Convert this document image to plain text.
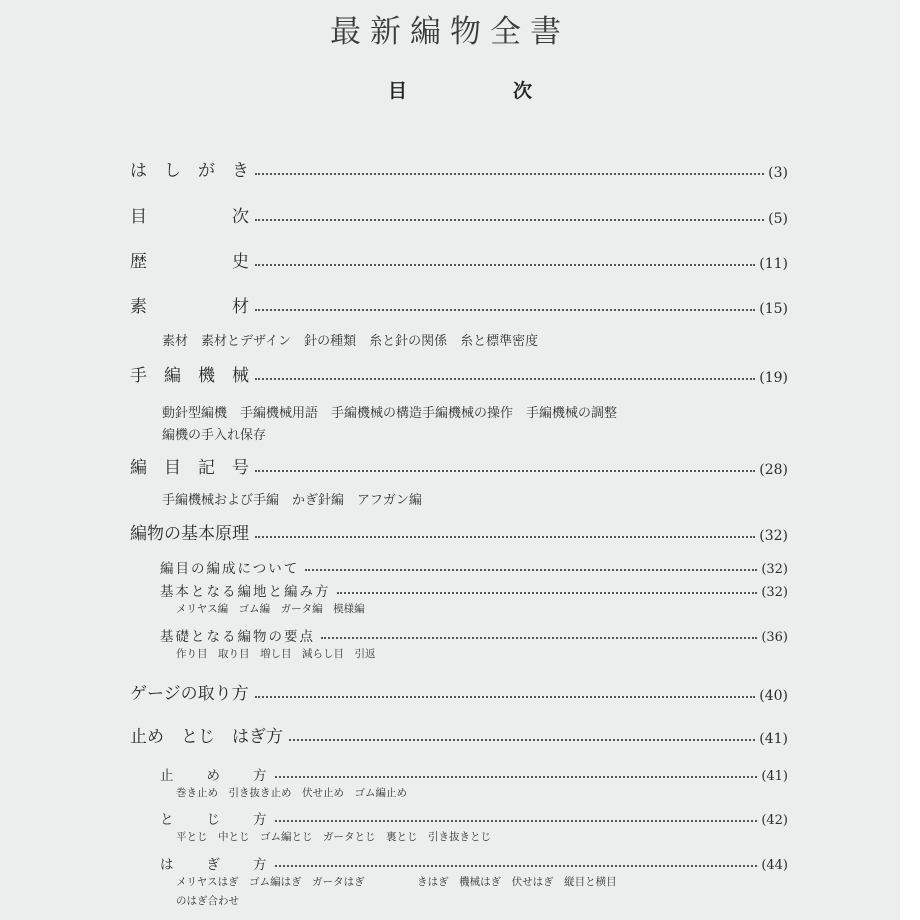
最新編物全書
目	次
は　し　が　き	(3)
目　　　　　次	(5)
歴　　　　　史	(11)
素　　　　　材	(15)
素材　素材とデザイン　針の種類　糸と針の関係　糸と標準密度
手　編　機　械	(19)
動針型編機　手編機械用語　手編機械の構造手編機械の操作　手編機械の調整
編機の手入れ保存
編　目　記　号	(28)
手編機械および手編　かぎ針編　アフガン編
編物の基本原理	(32)
編目の編成について	(32)
基本となる編地と編み方	(32)
メリヤス編　ゴム編　ガータ編　模様編
基礎となる編物の要点	(36)
作り目　取り目　増し目　減らし目　引返
ゲージの取り方	(40)
止め　とじ　はぎ方	(41)
止　　め　　方	(41)
巻き止め　引き抜き止め　伏せ止め　ゴム編止め
と　　じ　　方	(42)
平とじ　中とじ　ゴム編とじ　ガータとじ　裏とじ　引き抜きとじ
は　　ぎ　　方	(44)
メリヤスはぎ　ゴム編はぎ　ガータはぎ　　　　　きはぎ　機械はぎ　伏せはぎ　縦目と横目
のはぎ合わせ
